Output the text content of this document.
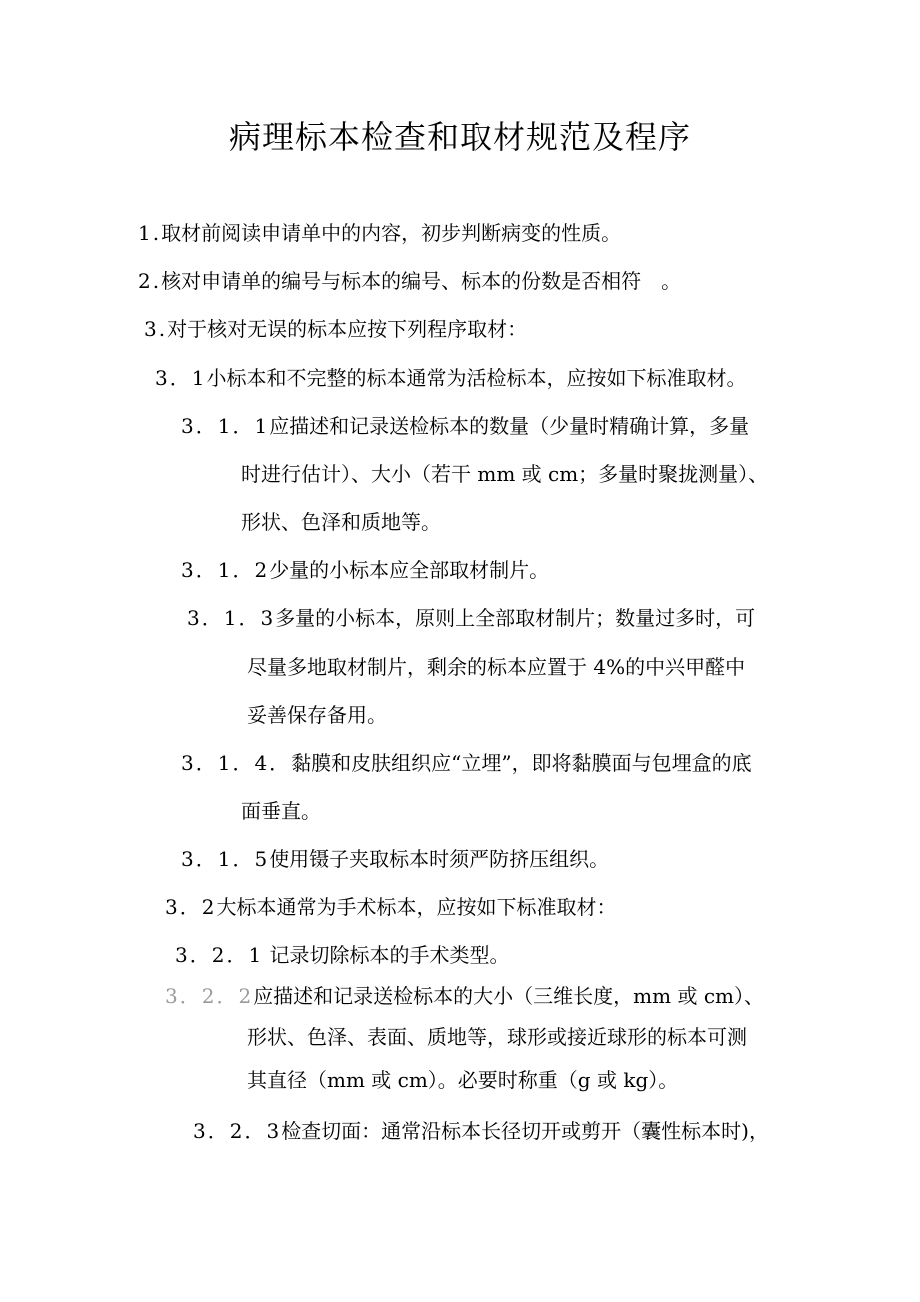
病理标本检查和取材规范及程序
1.取材前阅读申请单中的内容，初步判断病变的性质。
2.核对申请单的编号与标本的编号、标本的份数是否相符　。
3.对于核对无误的标本应按下列程序取材：
3．1小标本和不完整的标本通常为活检标本，应按如下标准取材。
3．1．1应描述和记录送检标本的数量（少量时精确计算，多量
时进行估计）、大小（若干 mm 或 cm；多量时聚拢测量）、
形状、色泽和质地等。
3．1．2少量的小标本应全部取材制片。
3．1．3多量的小标本，原则上全部取材制片；数量过多时，可
尽量多地取材制片，剩余的标本应置于 4%的中兴甲醛中
妥善保存备用。
3．1．4．黏膜和皮肤组织应“立埋”，即将黏膜面与包埋盒的底
面垂直。
3．1．5使用镊子夹取标本时须严防挤压组织。
3．2大标本通常为手术标本，应按如下标准取材：
3．2．1 记录切除标本的手术类型。
3．2．2应描述和记录送检标本的大小（三维长度，mm 或 cm）、
形状、色泽、表面、质地等，球形或接近球形的标本可测
其直径（mm 或 cm）。必要时称重（g 或 kg）。
3．2．3检查切面：通常沿标本长径切开或剪开（囊性标本时)，
